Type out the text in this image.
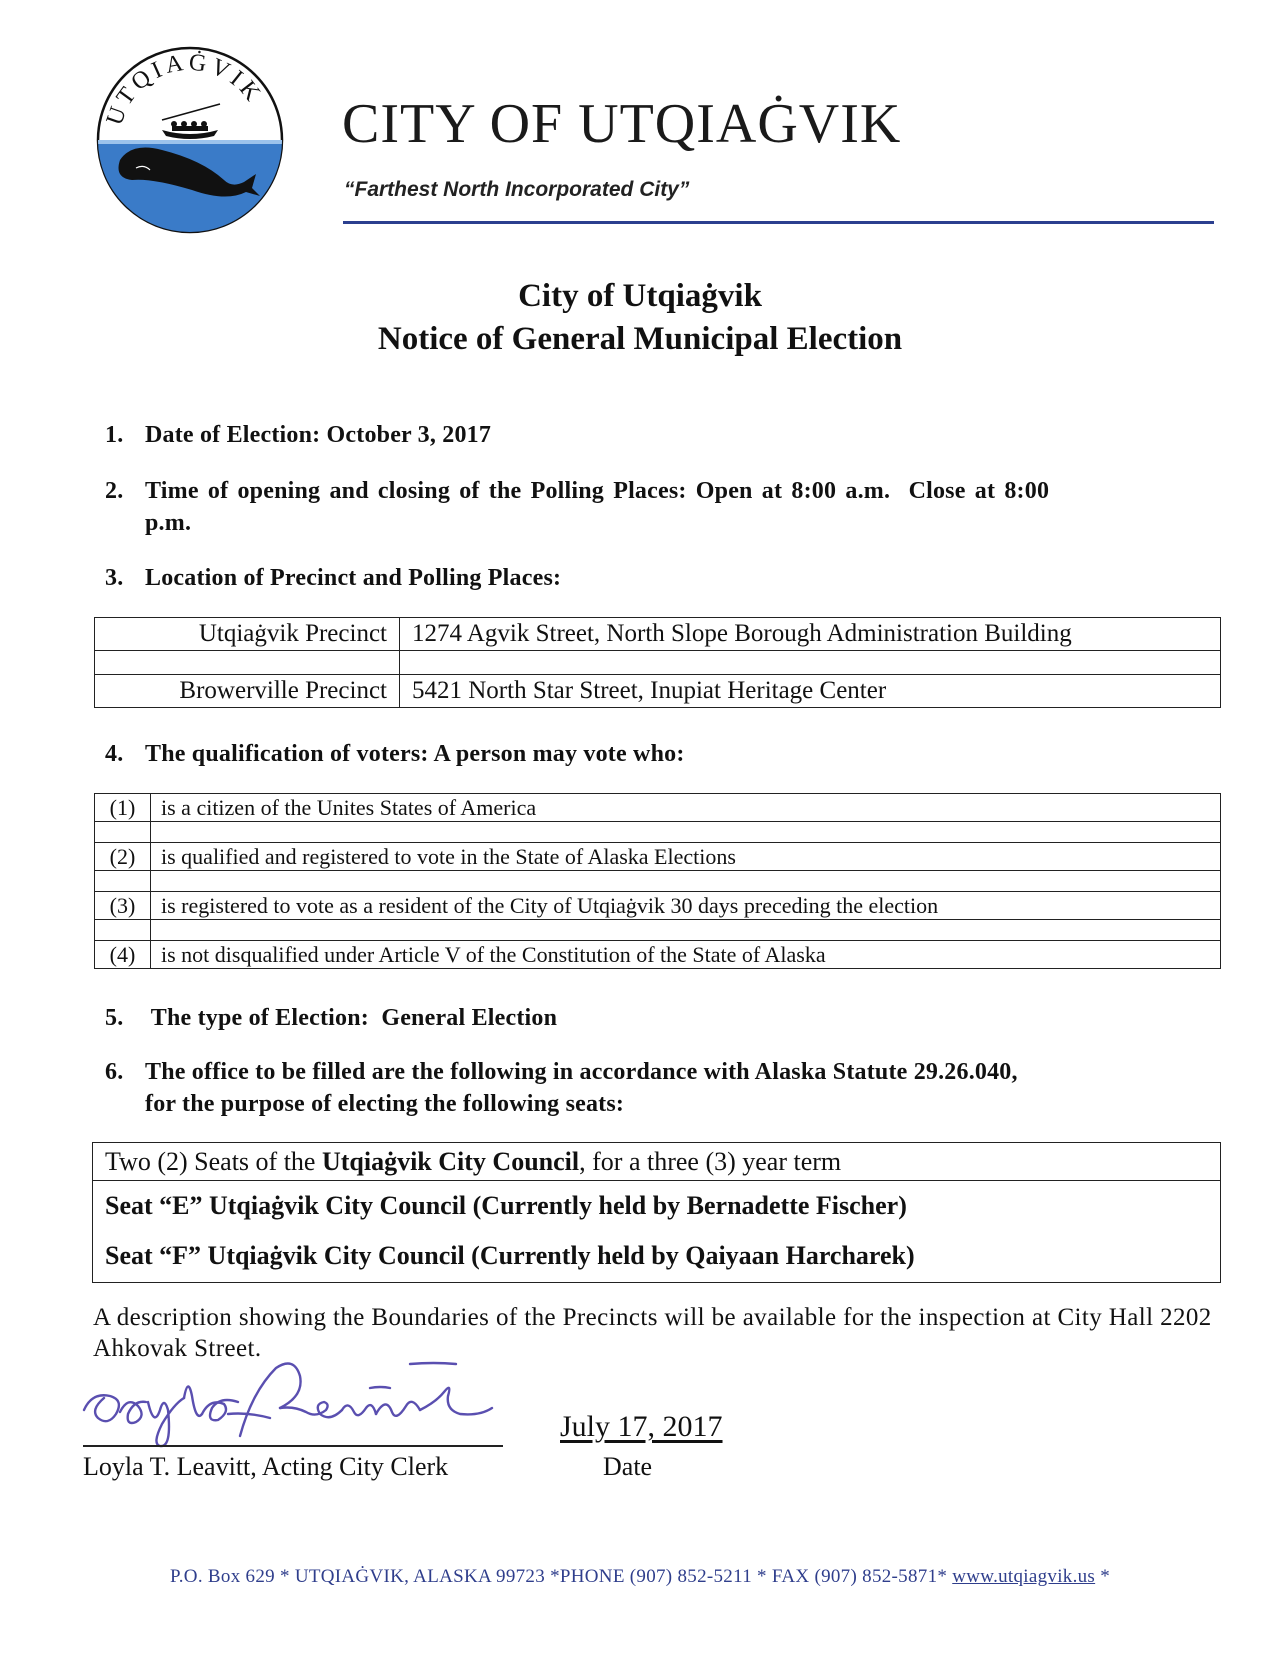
UTQIAĠVIK
CITY OF UTQIAĠVIK
“Farthest North Incorporated City”
City of Utqiaġvik
Notice of General Municipal Election
1. Date of Election: October 3, 2017
2. Time of opening and closing of the Polling Places: Open at 8:00 a.m.  Close at 8:00
p.m.
3. Location of Precinct and Polling Places:
Utqiaġvik Precinct	1274 Agvik Street, North Slope Borough Administration Building

Browerville Precinct	5421 North Star Street, Inupiat Heritage Center
4. The qualification of voters: A person may vote who:
(1)	is a citizen of the Unites States of America

(2)	is qualified and registered to vote in the State of Alaska Elections

(3)	is registered to vote as a resident of the City of Utqiaġvik 30 days preceding the election

(4)	is not disqualified under Article V of the Constitution of the State of Alaska
5. The type of Election:  General Election
6. The office to be filled are the following in accordance with Alaska Statute 29.26.040,
for the purpose of electing the following seats:
Two (2) Seats of the Utqiaġvik City Council, for a three (3) year term
Seat “E” Utqiaġvik City Council (Currently held by Bernadette Fischer)
Seat “F” Utqiaġvik City Council (Currently held by Qaiyaan Harcharek)
A description showing the Boundaries of the Precincts will be available for the inspection at City Hall 2202 Ahkovak Street.
Loyla T. Leavitt, Acting City Clerk
July 17, 2017
Date
P.O. Box 629 * UTQIAĠVIK, ALASKA 99723 *PHONE (907) 852-5211 * FAX (907) 852-5871* www.utqiagvik.us *
